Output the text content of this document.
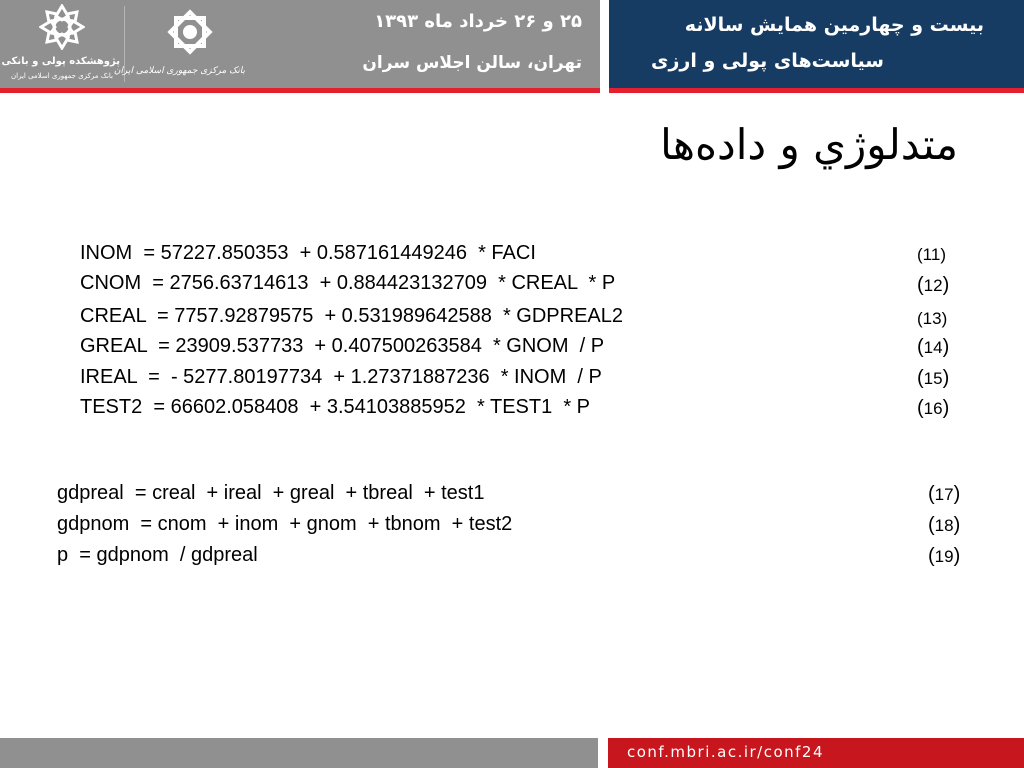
پژوهشکده پولی و بانکی
بانک مرکزی جمهوری اسلامی ایران بانک مرکزی جمهوری اسلامی ایران
۲۵ و ۲۶ خرداد ماه ۱۳۹۳
تهران، سالن اجلاس سران
بیست و چهارمین همایش سالانه
سیاست‌های پولی و ارزی
متدلوژي و داده‌ها
INOM  = 57227.850353  + 0.587161449246  * FACI	(11)
CNOM  = 2756.63714613  + 0.884423132709  * CREAL  * P	(12)
CREAL  = 7757.92879575  + 0.531989642588  * GDPREAL2	(13)
GREAL  = 23909.537733  + 0.407500263584  * GNOM  / P	(14)
IREAL  =  - 5277.80197734  + 1.27371887236  * INOM  / P	(15)
TEST2  = 66602.058408  + 3.54103885952  * TEST1  * P	(16)
gdpreal  = creal  + ireal  + greal  + tbreal  + test1	(17)
gdpnom  = cnom  + inom  + gnom  + tbnom  + test2	(18)
p  = gdpnom  / gdpreal	(19)
conf.mbri.ac.ir/conf24
